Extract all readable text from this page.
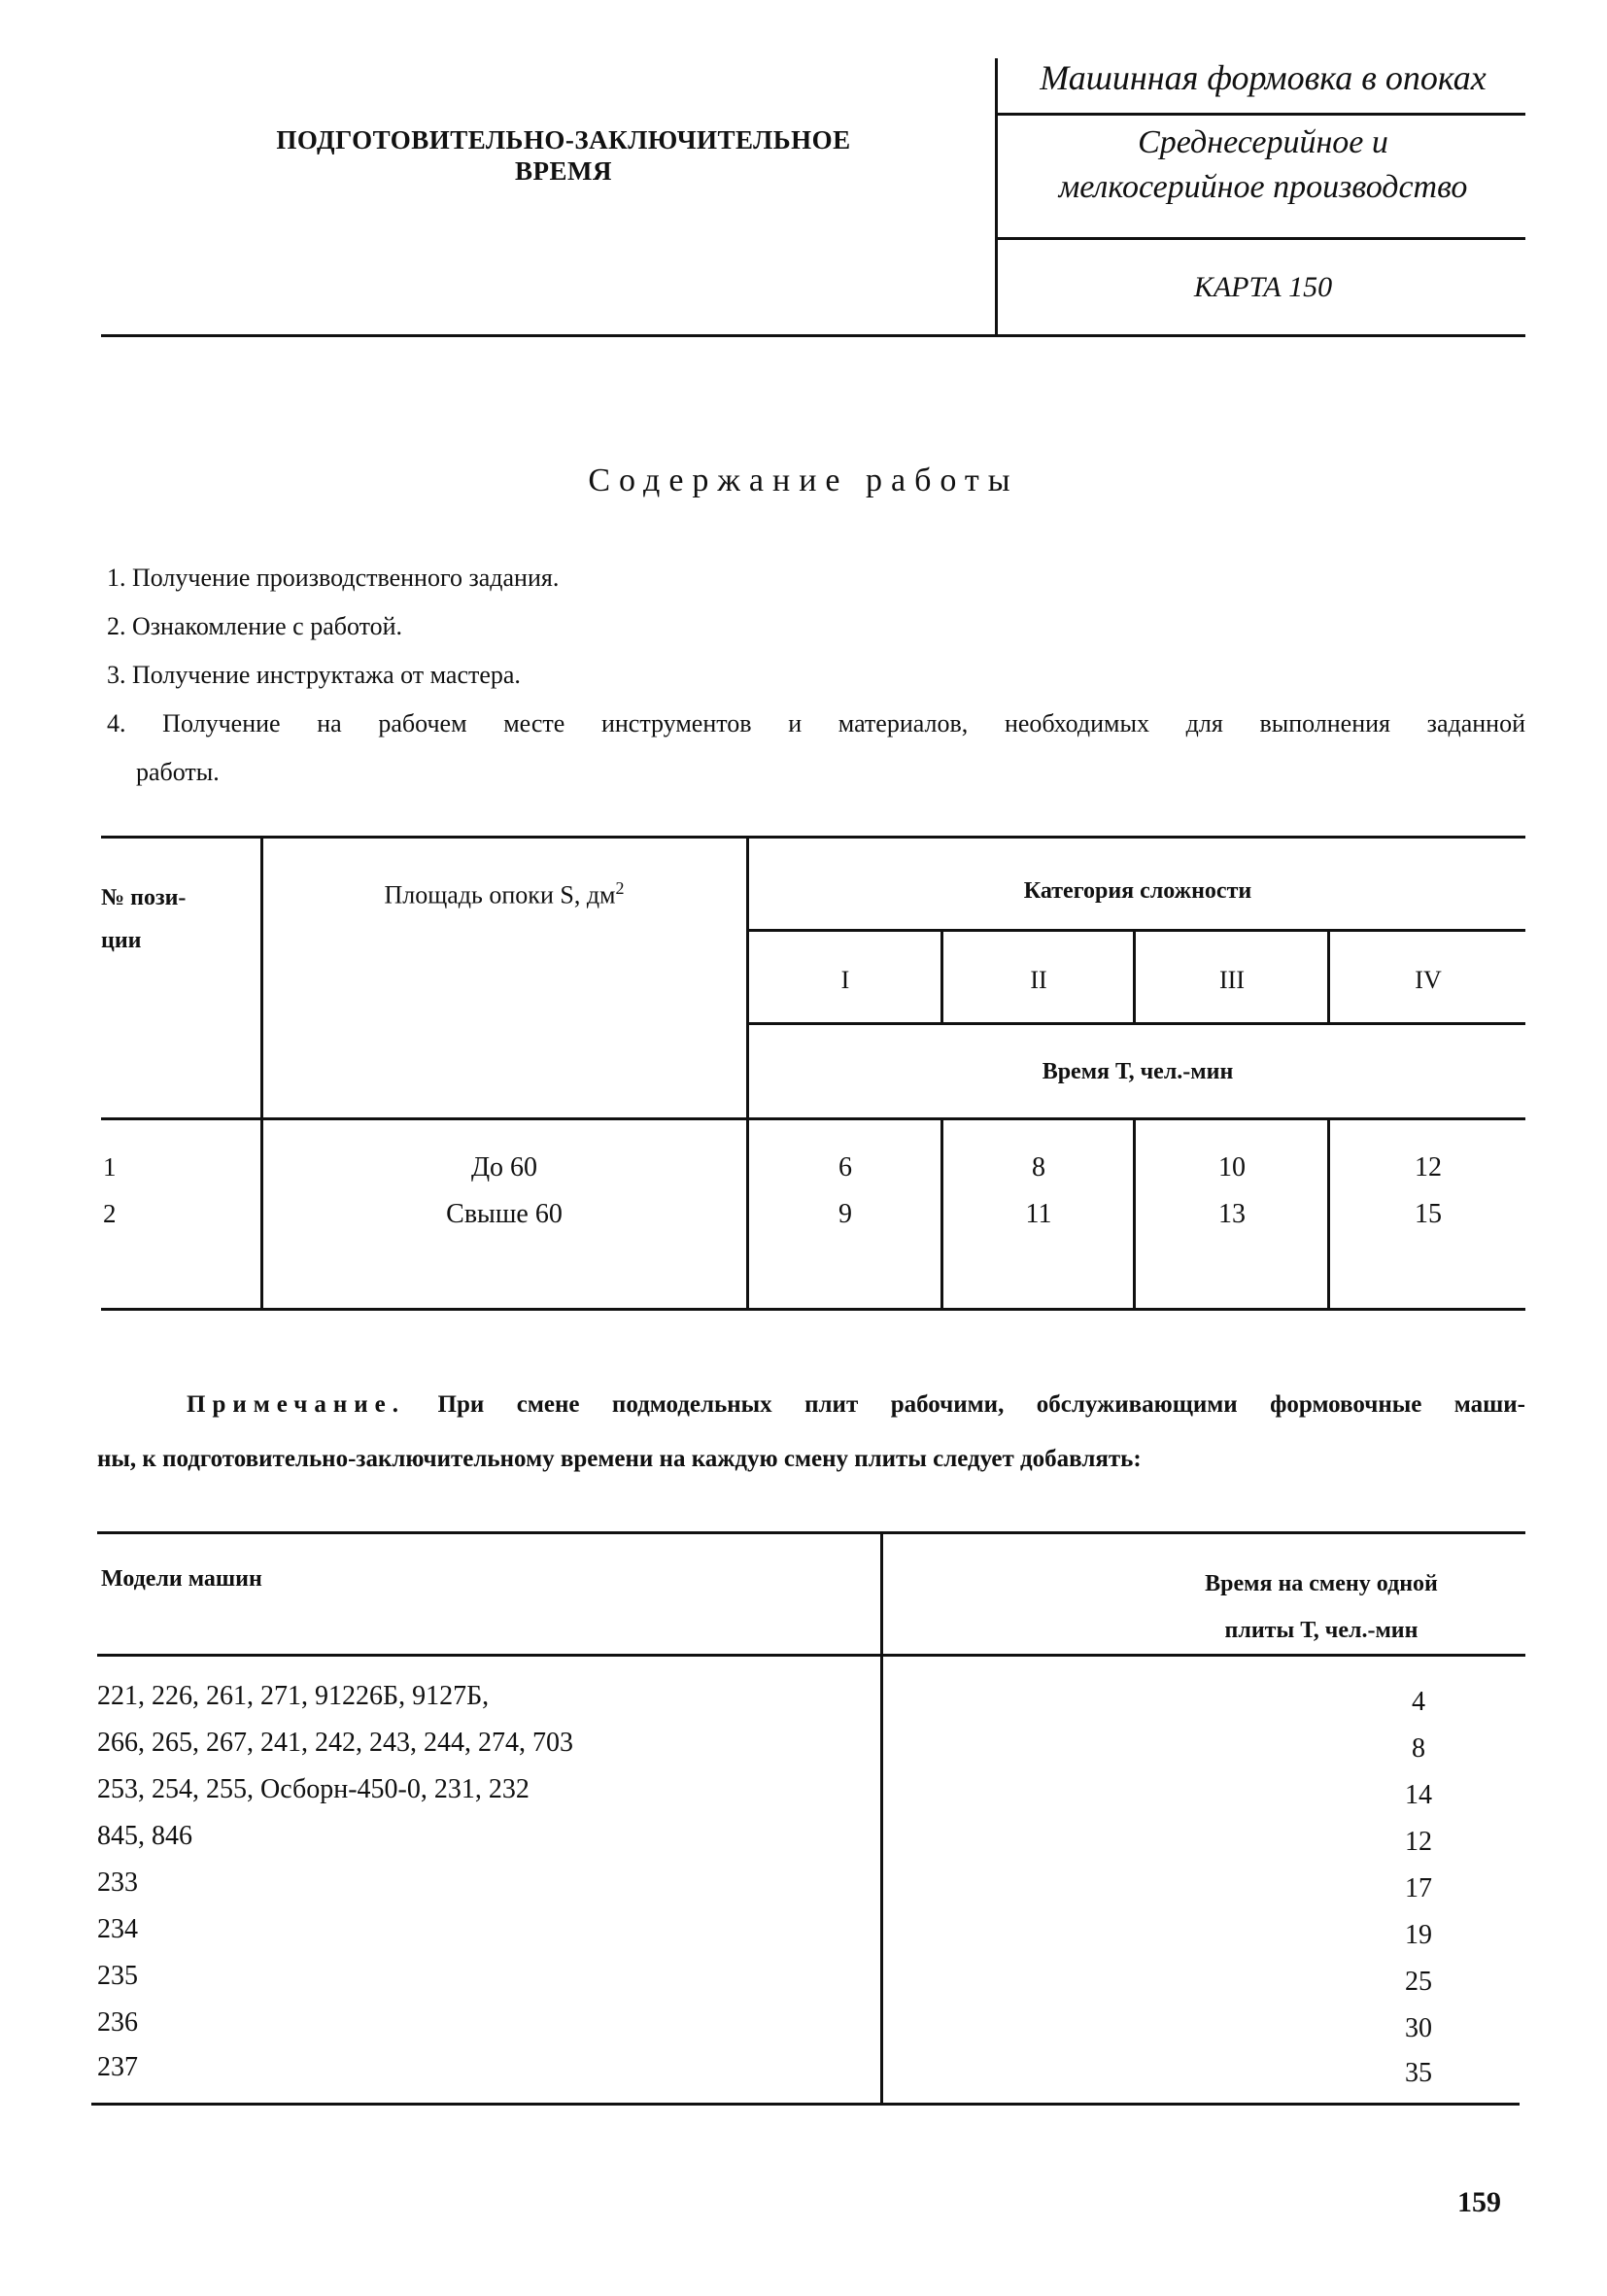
ПОДГОТОВИТЕЛЬНО-ЗАКЛЮЧИТЕЛЬНОЕ
ВРЕМЯ
Машинная формовка в опоках
Среднесерийное и
мелкосерийное производство
КАРТА 150
Содержание работы
1. Получение производственного задания.
2. Ознакомление с работой.
3. Получение инструктажа от мастера.
4. Получение на рабочем месте инструментов и материалов, необходимых для выполнения заданной
работы.
№ пози-
ции
Площадь опоки S, $дм^2$	Категория сложности
I	II	III	IV
Время Т, чел.-мин
1	До 60	6	8	10	12
2	Свыше 60	9	11	13	15
Примечание. При смене подмодельных плит рабочими, обслуживающими формовочные маши-
ны, к подготовительно-заключительному времени на каждую смену плиты следует добавлять:
Модели машин	Время на смену одной
плиты Т, чел.-мин
221, 226, 261, 271, 91226Б, 9127Б,	4
266, 265, 267, 241, 242, 243, 244, 274, 703	8
253, 254, 255, Осборн-450-0, 231, 232	14
845, 846	12
233	17
234	19
235	25
236	30
237	35
159
